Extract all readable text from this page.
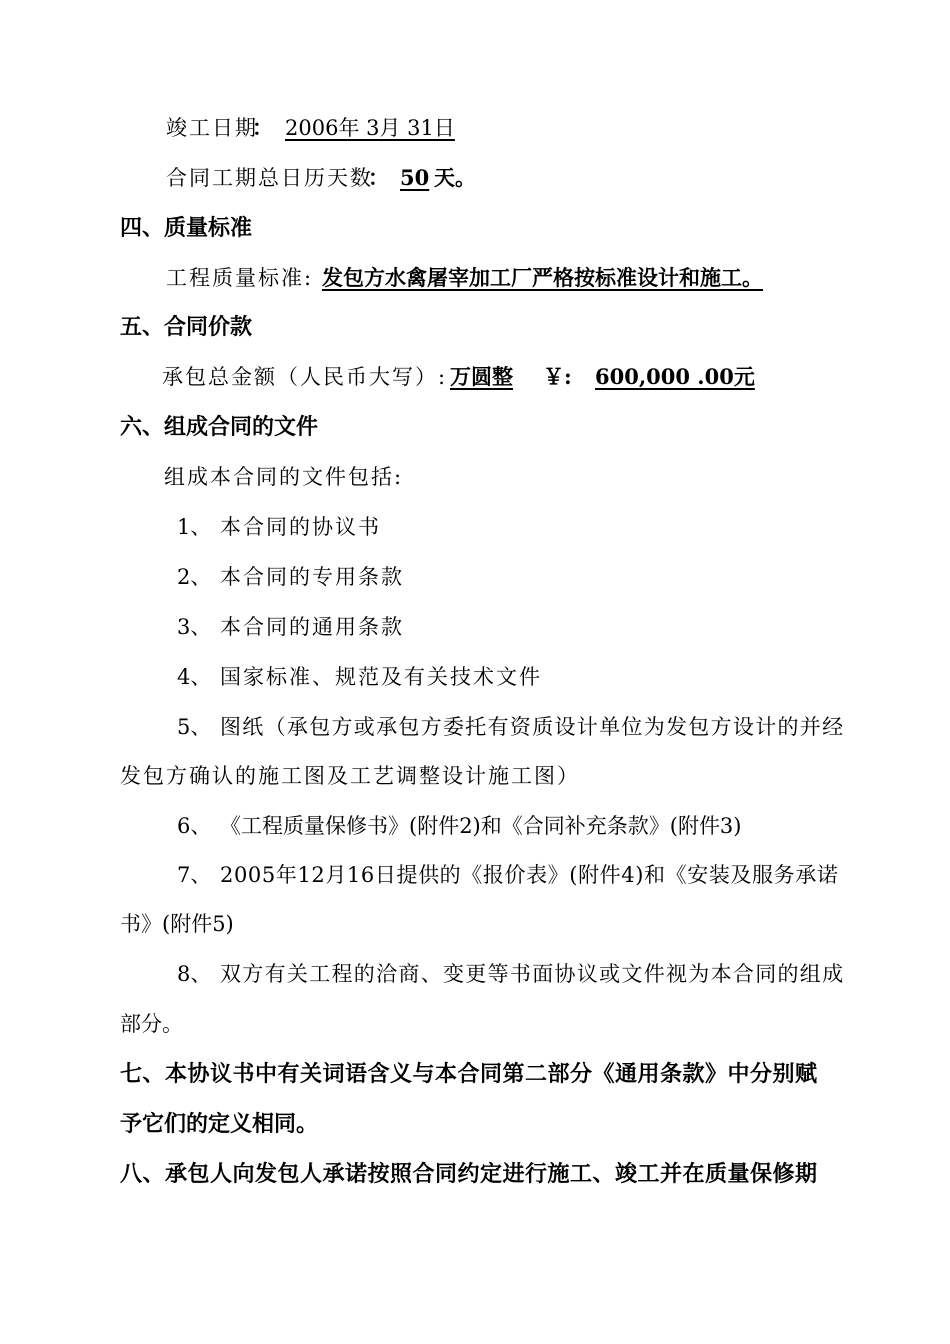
竣工日期
： 2006年 3月 31日
合同工期总日历天数
： 50 天。
四、质量标准
工程质量标准: 发包方水禽屠宰加工厂严格按标准设计和施工。
五、合同价款
承包总金额（人民币大写）: 万圆整 ￥:	600,000 .00元
六、组成合同的文件
组成本合同的文件包括:
1、 本合同的协议书
2、 本合同的专用条款
3、 本合同的通用条款
4、 国家标准、规范及有关技术文件
5、 图纸（承包方或承包方委托有资质设计单位为发包方设计的并经
发包方确认的施工图及工艺调整设计施工图）
6、 《工程质量保修书》(附件2)和《合同补充条款》(附件3)
7、 2005年12月16日提供的《报价表》(附件4)和《安装及服务承诺
书》(附件5)
8、 双方有关工程的洽商、变更等书面协议或文件视为本合同的组成
部分。
七、本协议书中有关词语含义与本合同第二部分《通用条款》中分别赋
予它们的定义相同。
八、承包人向发包人承诺按照合同约定进行施工、竣工并在质量保修期
